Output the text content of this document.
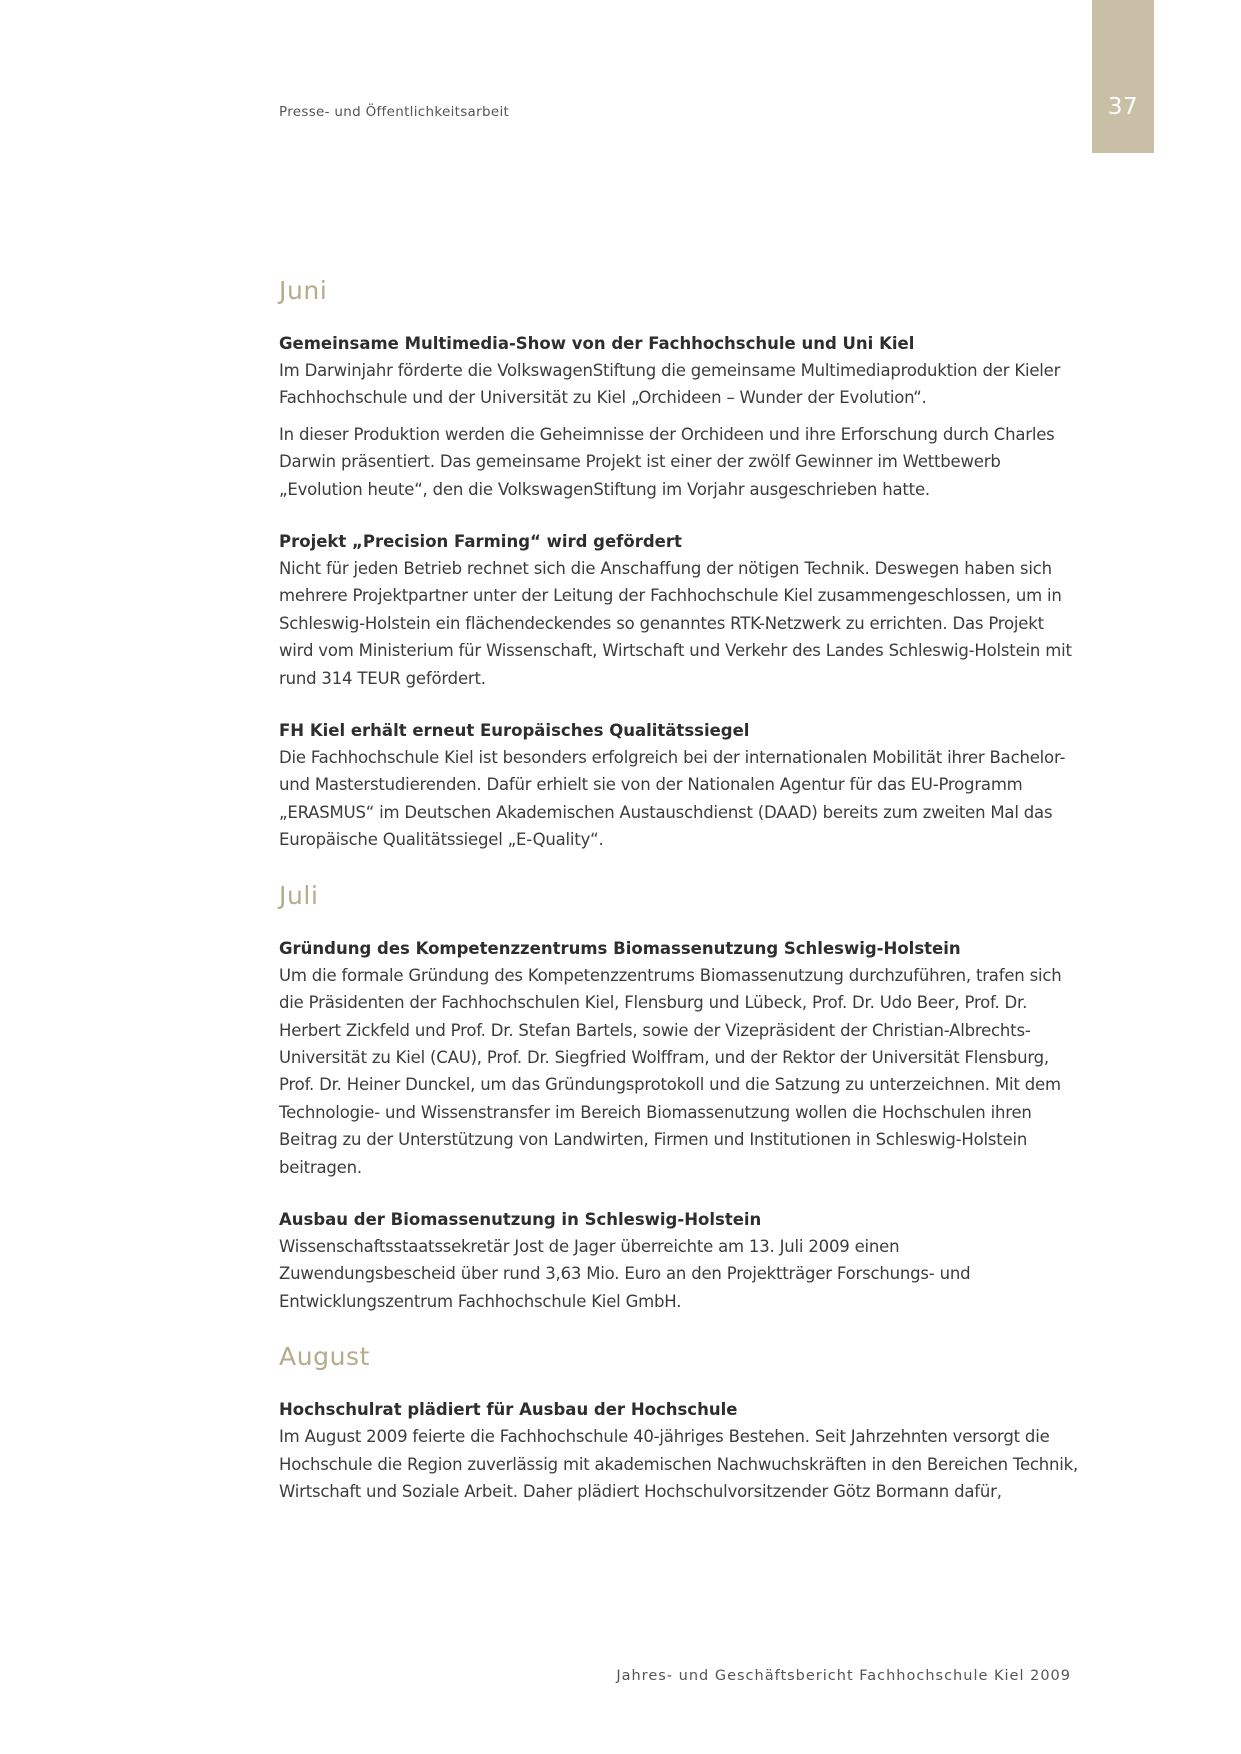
Presse- und Öffentlichkeitsarbeit	37
Juni

Gemeinsame Multimedia-Show von der Fachhochschule und Uni Kiel

Im Darwinjahr förderte die VolkswagenStiftung die gemeinsame Multimediaproduktion der Kieler Fachhochschule und der Universität zu Kiel „Orchideen – Wunder der Evolution“.

In dieser Produktion werden die Geheimnisse der Orchideen und ihre Erforschung durch Charles Darwin präsentiert. Das gemeinsame Projekt ist einer der zwölf Gewinner im Wettbewerb „Evolution heute“, den die VolkswagenStiftung im Vorjahr ausgeschrieben hatte.

Projekt „Precision Farming“ wird gefördert

Nicht für jeden Betrieb rechnet sich die Anschaffung der nötigen Technik. Deswegen haben sich mehrere Projektpartner unter der Leitung der Fachhochschule Kiel zusammengeschlossen, um in Schleswig-Holstein ein flächendeckendes so genanntes RTK-Netzwerk zu errichten. Das Projekt wird vom Ministerium für Wissenschaft, Wirtschaft und Verkehr des Landes Schleswig-Holstein mit rund 314 TEUR gefördert.

FH Kiel erhält erneut Europäisches Qualitätssiegel

Die Fachhochschule Kiel ist besonders erfolgreich bei der internationalen Mobilität ihrer Bachelor- und Masterstudierenden. Dafür erhielt sie von der Nationalen Agentur für das EU-Programm „ERASMUS“ im Deutschen Akademischen Austauschdienst (DAAD) bereits zum zweiten Mal das Europäische Qualitätssiegel „E-Quality“.

Juli

Gründung des Kompetenzzentrums Biomassenutzung Schleswig-Holstein

Um die formale Gründung des Kompetenzzentrums Biomassenutzung durchzuführen, trafen sich die Präsidenten der Fachhochschulen Kiel, Flensburg und Lübeck, Prof. Dr. Udo Beer, Prof. Dr. Herbert Zickfeld und Prof. Dr. Stefan Bartels, sowie der Vizepräsident der Christian-Albrechts-Universität zu Kiel (CAU), Prof. Dr. Siegfried Wolffram, und der Rektor der Universität Flensburg, Prof. Dr. Heiner Dunckel, um das Gründungsprotokoll und die Satzung zu unterzeichnen. Mit dem Technologie- und Wissenstransfer im Bereich Biomassenutzung wollen die Hochschulen ihren Beitrag zu der Unterstützung von Landwirten, Firmen und Institutionen in Schleswig-Holstein beitragen.

Ausbau der Biomassenutzung in Schleswig-Holstein

Wissenschaftsstaatssekretär Jost de Jager überreichte am 13. Juli 2009 einen Zuwendungsbescheid über rund 3,63 Mio. Euro an den Projektträger Forschungs- und Entwicklungszentrum Fachhochschule Kiel GmbH.

August

Hochschulrat plädiert für Ausbau der Hochschule

Im August 2009 feierte die Fachhochschule 40-jähriges Bestehen. Seit Jahrzehnten versorgt die Hochschule die Region zuverlässig mit akademischen Nachwuchskräften in den Bereichen Technik, Wirtschaft und Soziale Arbeit. Daher plädiert Hochschulvorsitzender Götz Bormann dafür,

Jahres- und Geschäftsbericht Fachhochschule Kiel 2009
